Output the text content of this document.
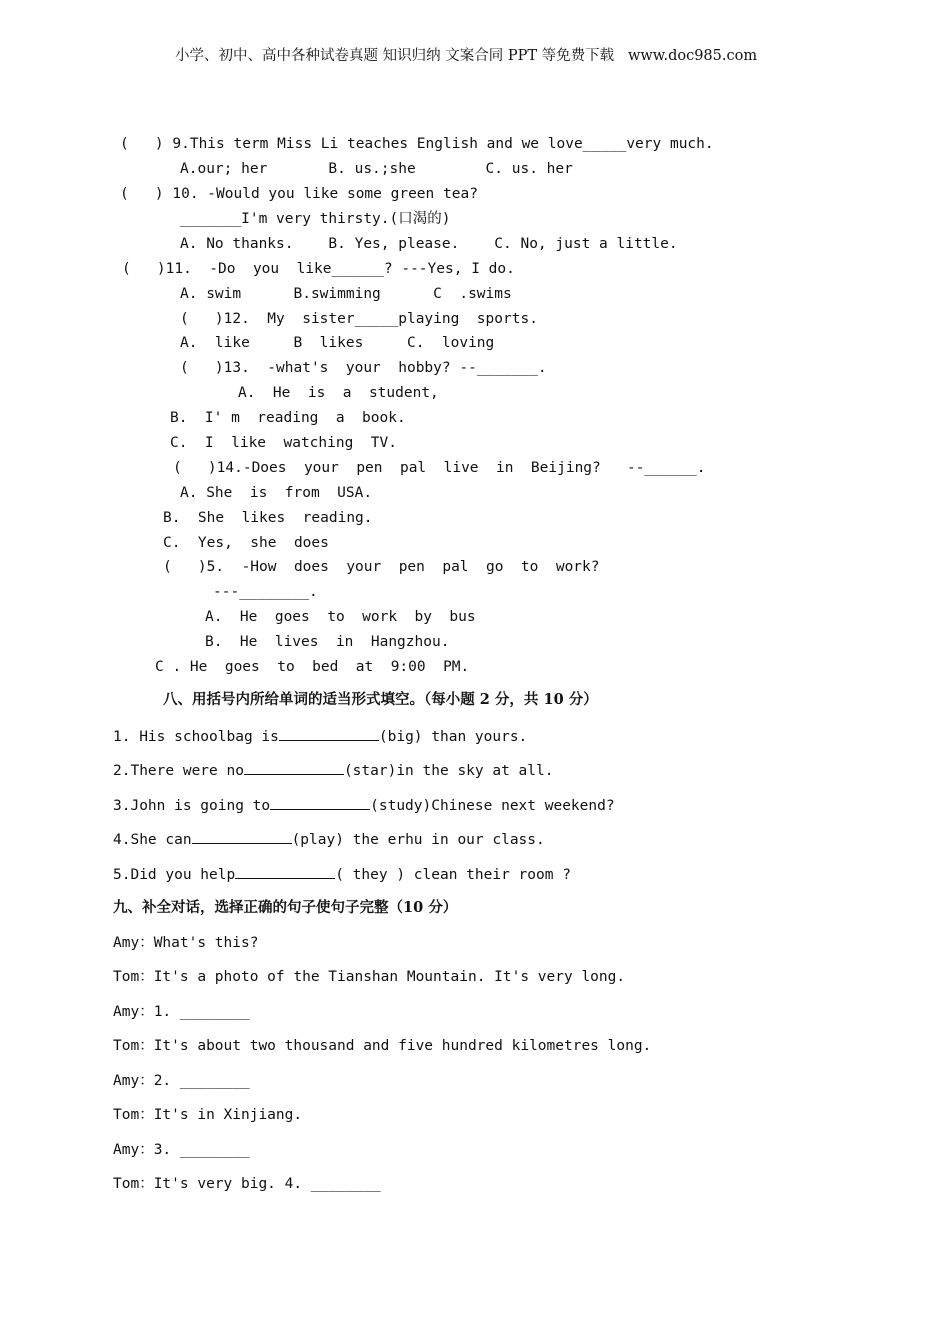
小学、初中、高中各种试卷真题 知识归纳 文案合同 PPT 等免费下载   www.doc985.com
(   ) 9.This term Miss Li teaches English and we love_____very much.
A.our; her       B. us.;she        C. us. her
(   ) 10. -Would you like some green tea?
_______I'm very thirsty.(口渴的)
A. No thanks.    B. Yes, please.    C. No, just a little.
(   )11.  -Do  you  like______? ---Yes, I do.
A. swim      B.swimming      C  .swims
(   )12.  My  sister_____playing  sports.
A.  like     B  likes     C.  loving
(   )13.  -what's  your  hobby? --_______.
A.  He  is  a  student,
B.  I' m  reading  a  book.
C.  I  like  watching  TV.
(   )14.-Does  your  pen  pal  live  in  Beijing?   --______.
A. She  is  from  USA.
B.  She  likes  reading.
C.  Yes,  she  does
(   )5.  -How  does  your  pen  pal  go  to  work?
---________.
A.  He  goes  to  work  by  bus
B.  He  lives  in  Hangzhou.
C . He  goes  to  bed  at  9:00  PM.
八、用括号内所给单词的适当形式填空。（每小题 2 分，共 10 分）
1. His schoolbag is	(big) than yours.
2.There were no	(star)in the sky at all.
3.John is going to	(study)Chinese next weekend?
4.She can	(play) the erhu in our class.
5.Did you help	( they ) clean their room ?
九、补全对话，选择正确的句子使句子完整（10 分）
Amy：What's this?
Tom：It's a photo of the Tianshan Mountain. It's very long.
Amy：1. ________
Tom：It's about two thousand and five hundred kilometres long.
Amy：2. ________
Tom：It's in Xinjiang.
Amy：3. ________
Tom：It's very big. 4. ________
